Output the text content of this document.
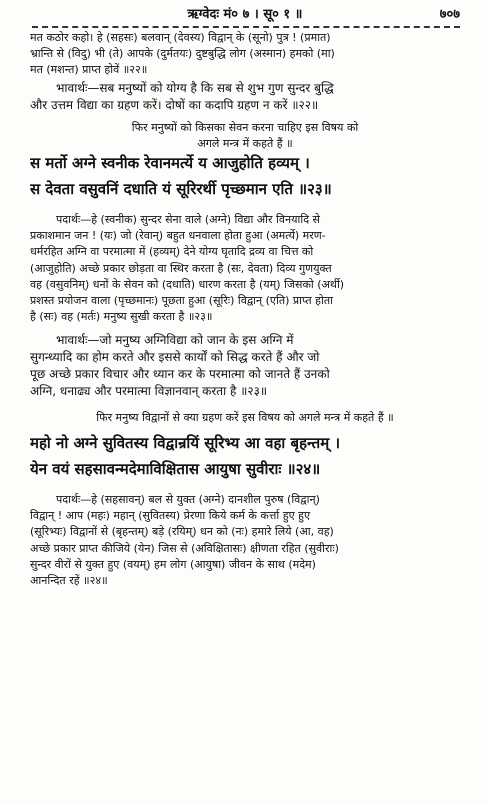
ऋग्वेदः मं० ७ । सू० १ ॥	७०७
मत कठोर कहो। हे (सहसः) बलवान् (देवस्य) विद्वान् के (सूनो) पुत्र ! (प्रमात)
भ्रान्ति से (विदु) भी (ते) आपके (दुर्मतयः) दुष्टबुद्धि लोग (अस्मान) हमको (मा)
मत (मशन्त) प्राप्त होवें ॥२२॥
भावार्थः—सब मनुष्यों को योग्य है कि सब से शुभ गुण सुन्दर बुद्धि
और उत्तम विद्या का ग्रहण करें। दोषों का कदापि ग्रहण न करें ॥२२॥
फिर मनुष्यों को किसका सेवन करना चाहिए इस विषय को
अगले मन्त्र में कहते हैं ॥
स मर्तो अग्ने स्वनीक रेवानमर्त्ये य आजुहोति हव्यम् ।
स देवता वसुवनिं दधाति यं सूरिरर्थी पृच्छमान एति ॥२३॥
पदार्थः—हे (स्वनीक) सुन्दर सेना वाले (अग्ने) विद्या और विनयादि से
प्रकाशमान जन ! (यः) जो (रेवान्) बहुत धनवाला होता हुआ (अमर्त्ये) मरण-
धर्मरहित अग्नि वा परमात्मा में (हव्यम्) देने योग्य घृतादि द्रव्य वा चित्त को
(आजुहोति) अच्छे प्रकार छोड़ता वा स्थिर करता है (सः, देवता) दिव्य गुणयुक्त
वह (वसुवनिम्) धनों के सेवन को (दधाति) धारण करता है (यम्) जिसको (अर्थी)
प्रशस्त प्रयोजन वाला (पृच्छमानः) पूछता हुआ (सूरिः) विद्वान् (एति) प्राप्त होता
है (सः) वह (मर्तः) मनुष्य सुखी करता है ॥२३॥
भावार्थः—जो मनुष्य अग्निविद्या को जान के इस अग्नि में
सुगन्ध्यादि का होम करते और इससे कार्यों को सिद्ध करते हैं और जो
पूछ अच्छे प्रकार विचार और ध्यान कर के परमात्मा को जानते हैं उनको
अग्नि, धनाढ्य और परमात्मा विज्ञानवान् करता है ॥२३॥
फिर मनुष्य विद्वानों से क्या ग्रहण करें इस विषय को अगले मन्त्र में कहते हैं ॥
महो नो अग्ने सुवितस्य विद्वान्रयिं सूरिभ्य आ वहा बृहन्तम् ।
येन वयं सहसावन्मदेमाविक्षितास आयुषा सुवीराः ॥२४॥
पदार्थः—हे (सहसावन्) बल से युक्त (अग्ने) दानशील पुरुष (विद्वान्)
विद्वान् ! आप (महः) महान् (सुवितस्य) प्रेरणा किये कर्म के कर्त्ता हुए हुए
(सूरिभ्यः) विद्वानों से (बृहन्तम्) बड़े (रयिम्) धन को (नः) हमारे लिये (आ, वह)
अच्छे प्रकार प्राप्त कीजिये (येन) जिस से (अविक्षितासः) क्षीणता रहित (सुवीराः)
सुन्दर वीरों से युक्त हुए (वयम्) हम लोग (आयुषा) जीवन के साथ (मदेम)
आनन्दित रहें ॥२४॥
